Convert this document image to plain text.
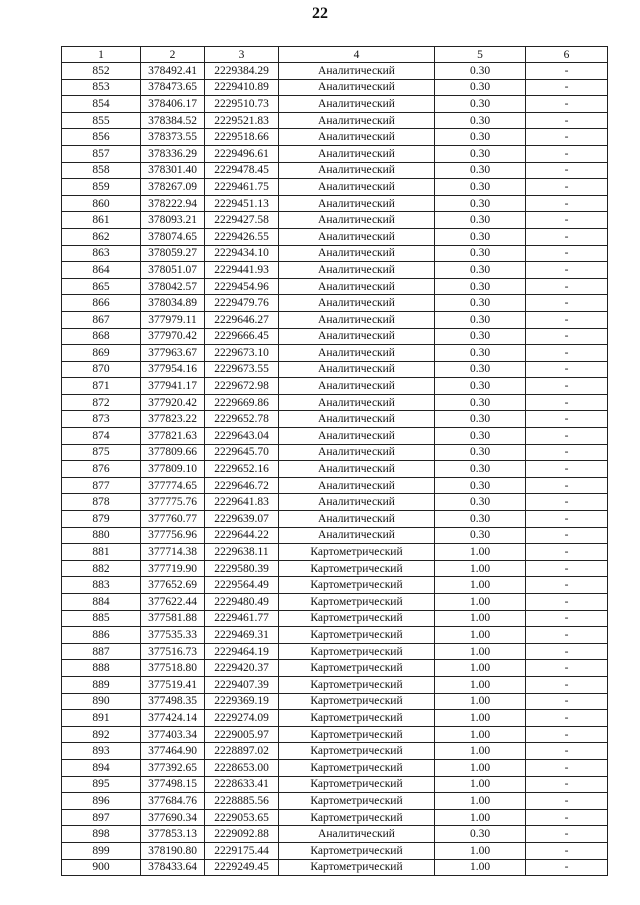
22
1	2	3	4	5	6
852	378492.41	2229384.29	Аналитический	0.30	-
853	378473.65	2229410.89	Аналитический	0.30	-
854	378406.17	2229510.73	Аналитический	0.30	-
855	378384.52	2229521.83	Аналитический	0.30	-
856	378373.55	2229518.66	Аналитический	0.30	-
857	378336.29	2229496.61	Аналитический	0.30	-
858	378301.40	2229478.45	Аналитический	0.30	-
859	378267.09	2229461.75	Аналитический	0.30	-
860	378222.94	2229451.13	Аналитический	0.30	-
861	378093.21	2229427.58	Аналитический	0.30	-
862	378074.65	2229426.55	Аналитический	0.30	-
863	378059.27	2229434.10	Аналитический	0.30	-
864	378051.07	2229441.93	Аналитический	0.30	-
865	378042.57	2229454.96	Аналитический	0.30	-
866	378034.89	2229479.76	Аналитический	0.30	-
867	377979.11	2229646.27	Аналитический	0.30	-
868	377970.42	2229666.45	Аналитический	0.30	-
869	377963.67	2229673.10	Аналитический	0.30	-
870	377954.16	2229673.55	Аналитический	0.30	-
871	377941.17	2229672.98	Аналитический	0.30	-
872	377920.42	2229669.86	Аналитический	0.30	-
873	377823.22	2229652.78	Аналитический	0.30	-
874	377821.63	2229643.04	Аналитический	0.30	-
875	377809.66	2229645.70	Аналитический	0.30	-
876	377809.10	2229652.16	Аналитический	0.30	-
877	377774.65	2229646.72	Аналитический	0.30	-
878	377775.76	2229641.83	Аналитический	0.30	-
879	377760.77	2229639.07	Аналитический	0.30	-
880	377756.96	2229644.22	Аналитический	0.30	-
881	377714.38	2229638.11	Картометрический	1.00	-
882	377719.90	2229580.39	Картометрический	1.00	-
883	377652.69	2229564.49	Картометрический	1.00	-
884	377622.44	2229480.49	Картометрический	1.00	-
885	377581.88	2229461.77	Картометрический	1.00	-
886	377535.33	2229469.31	Картометрический	1.00	-
887	377516.73	2229464.19	Картометрический	1.00	-
888	377518.80	2229420.37	Картометрический	1.00	-
889	377519.41	2229407.39	Картометрический	1.00	-
890	377498.35	2229369.19	Картометрический	1.00	-
891	377424.14	2229274.09	Картометрический	1.00	-
892	377403.34	2229005.97	Картометрический	1.00	-
893	377464.90	2228897.02	Картометрический	1.00	-
894	377392.65	2228653.00	Картометрический	1.00	-
895	377498.15	2228633.41	Картометрический	1.00	-
896	377684.76	2228885.56	Картометрический	1.00	-
897	377690.34	2229053.65	Картометрический	1.00	-
898	377853.13	2229092.88	Аналитический	0.30	-
899	378190.80	2229175.44	Картометрический	1.00	-
900	378433.64	2229249.45	Картометрический	1.00	-
